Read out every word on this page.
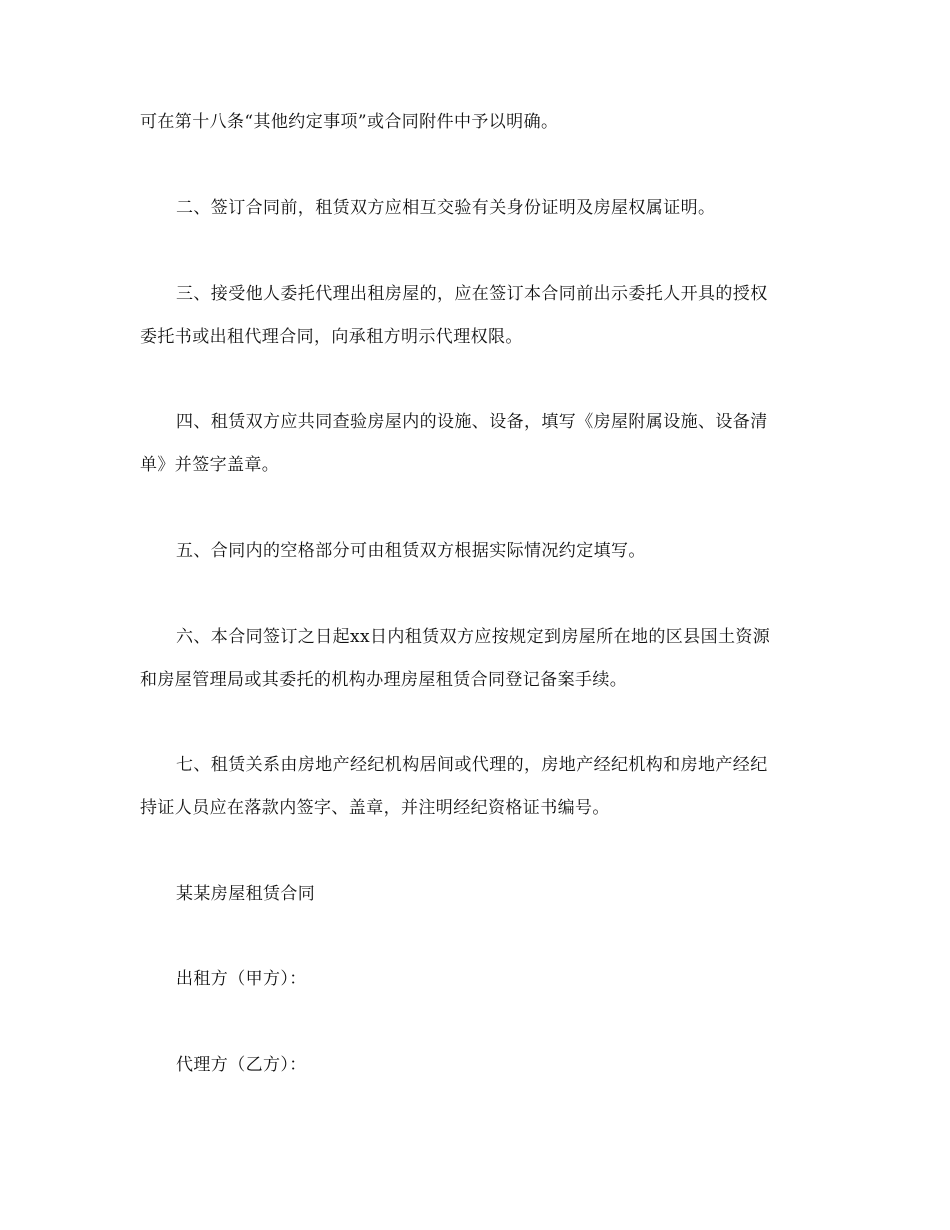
可在第十八条“其他约定事项”或合同附件中予以明确。
二、签订合同前，租赁双方应相互交验有关身份证明及房屋权属证明。
三、接受他人委托代理出租房屋的，应在签订本合同前出示委托人开具的授权
委托书或出租代理合同，向承租方明示代理权限。
四、租赁双方应共同查验房屋内的设施、设备，填写《房屋附属设施、设备清
单》并签字盖章。
五、合同内的空格部分可由租赁双方根据实际情况约定填写。
六、本合同签订之日起xx日内租赁双方应按规定到房屋所在地的区县国土资源
和房屋管理局或其委托的机构办理房屋租赁合同登记备案手续。
七、租赁关系由房地产经纪机构居间或代理的，房地产经纪机构和房地产经纪
持证人员应在落款内签字、盖章，并注明经纪资格证书编号。
某某房屋租赁合同
出租方（甲方）：
代理方（乙方）：
